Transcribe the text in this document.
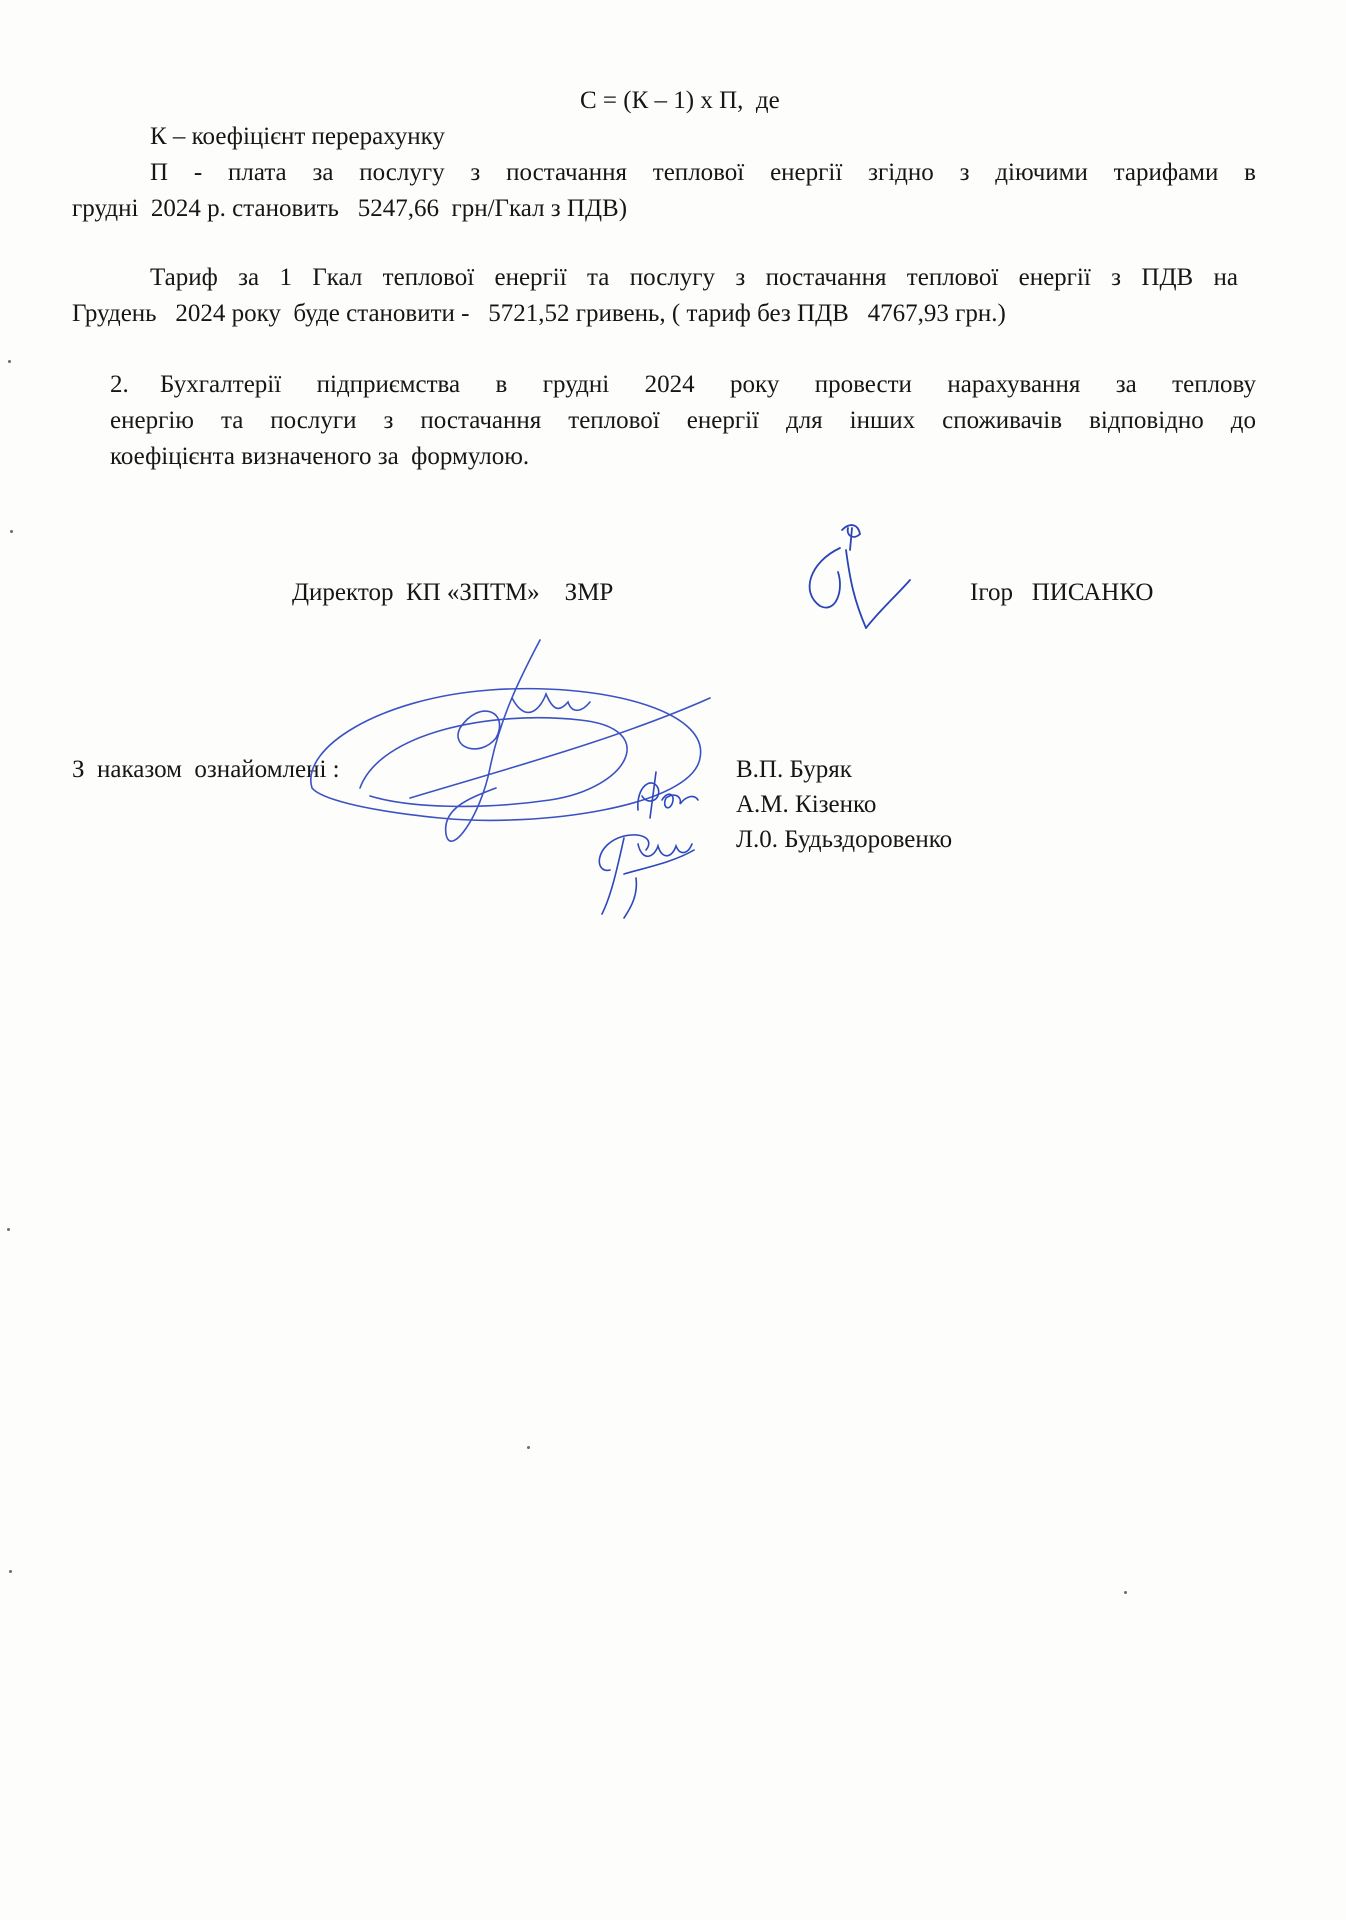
С = (К – 1) х П,  де
К – коефіцієнт перерахунку
П - плата за послугу з постачання теплової енергії згідно з діючими тарифами в
грудні  2024 р. становить   5247,66  грн/Гкал з ПДВ)
Тариф за 1 Гкал теплової енергії та послугу з постачання теплової енергії з ПДВ на
Грудень   2024 року  буде становити -   5721,52 гривень, ( тариф без ПДВ   4767,93 грн.)
2. Бухгалтерії підприємства в грудні 2024 року провести нарахування за теплову
енергію та послуги з постачання теплової енергії для інших споживачів відповідно до
коефіцієнта визначеного за  формулою.
Директор  КП «ЗПТМ»    ЗМР	Ігор   ПИСАНКО
З  наказом  ознайомлені :	В.П. Буряк
А.М. Кізенко
Л.0. Будьздоровенко
